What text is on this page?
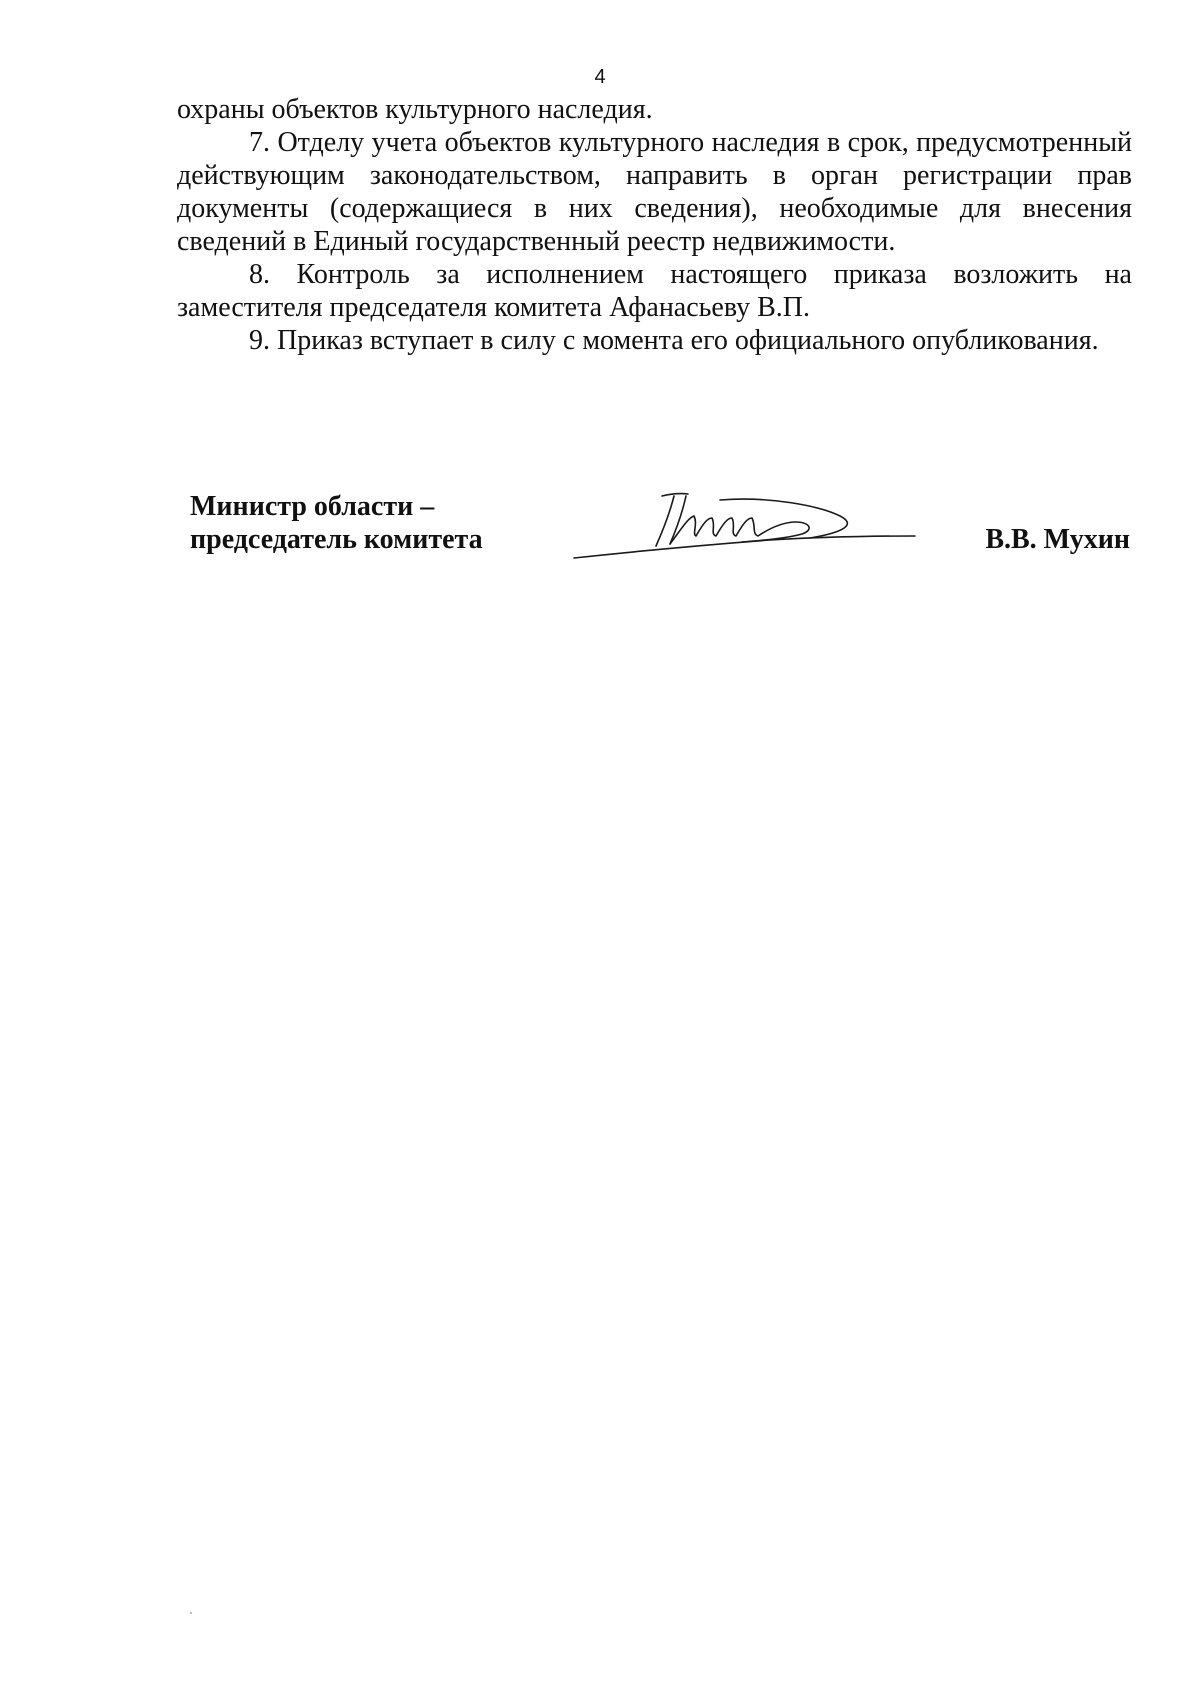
4

охраны объектов культурного наследия.

7. Отделу учета объектов культурного наследия в срок, предусмотренный действующим законодательством, направить в орган регистрации прав документы (содержащиеся в них сведения), необходимые для внесения сведений в Единый государственный реестр недвижимости.

8. Контроль за исполнением настоящего приказа возложить на заместителя председателя комитета Афанасьеву В.П.

9. Приказ вступает в силу с момента его официального опубликования.

Министр области –
председатель комитета	В.В. Мухин
